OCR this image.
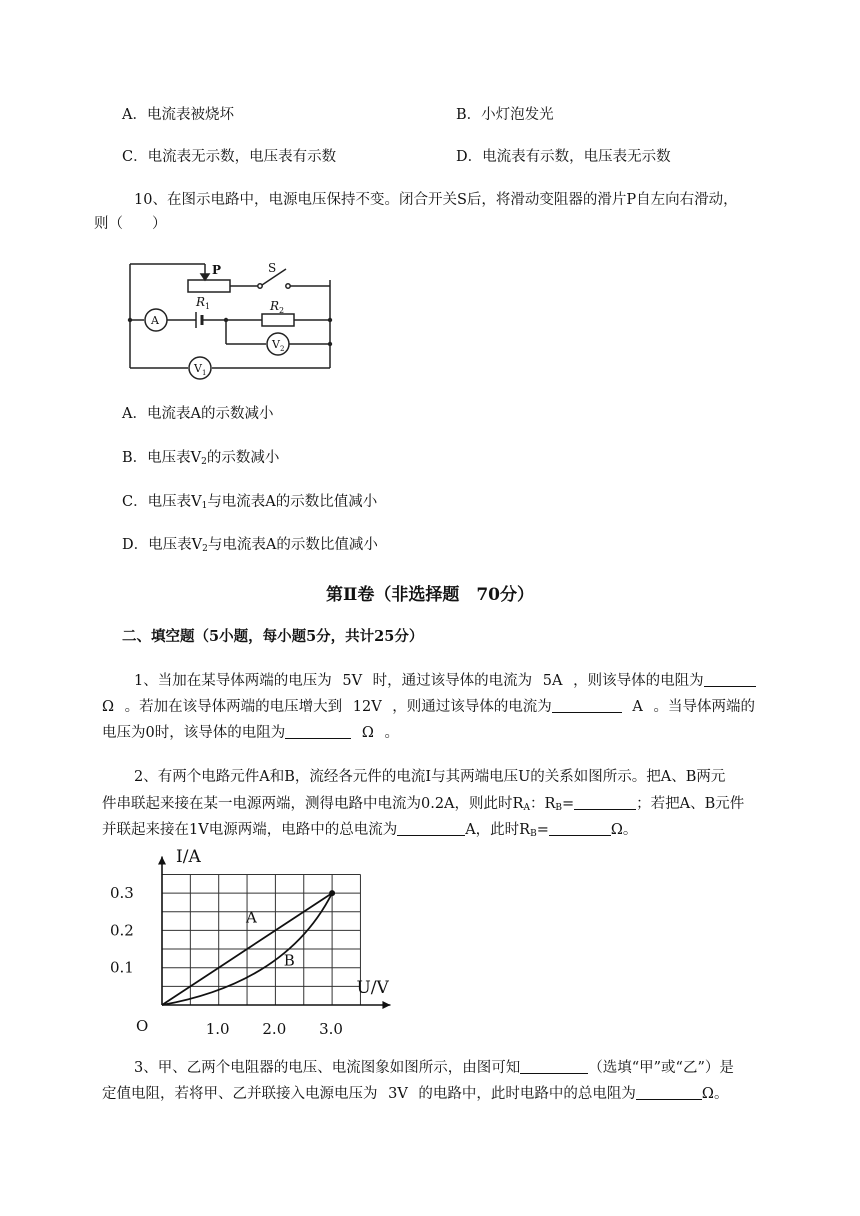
A．电流表被烧坏	B．小灯泡发光
C．电流表无示数，电压表有示数	D．电流表有示数，电压表无示数
10、在图示电路中，电源电压保持不变。闭合开关S后，将滑动变阻器的滑片P自左向右滑动，
则（　　）
P	S
R 1	R 2
A
V 2
V 1
A．电流表A的示数减小
B．电压表$V_2$的示数减小
C．电压表$V_1$与电流表A的示数比值减小
D．电压表$V_2$与电流表A的示数比值减小
第Ⅱ卷（非选择题　70分）
二、填空题（5小题，每小题5分，共计25分）
1、当加在某导体两端的电压为 5V 时，通过该导体的电流为 5A ，则该导体的电阻为
Ω 。若加在该导体两端的电压增大到 12V ，则通过该导体的电流为	A 。当导体两端的
电压为0时，该导体的电阻为	Ω 。
2、有两个电路元件A和B，流经各元件的电流I与其两端电压U的关系如图所示。把A、B两元
件串联起来接在某一电源两端，测得电路中电流为0.2A，则此时$R_A$：$R_B=$	；若把A、B元件
并联起来接在1V电源两端，电路中的总电流为	A，此时$R_B=$	Ω。
0.1
0.2
0.3
1.0 2.0 3.0
O
I/A
U/V
A
B
3、甲、乙两个电阻器的电压、电流图象如图所示，由图可知	（选填“甲”或“乙”）是
定值电阻，若将甲、乙并联接入电源电压为 3V 的电路中，此时电路中的总电阻为	Ω。
